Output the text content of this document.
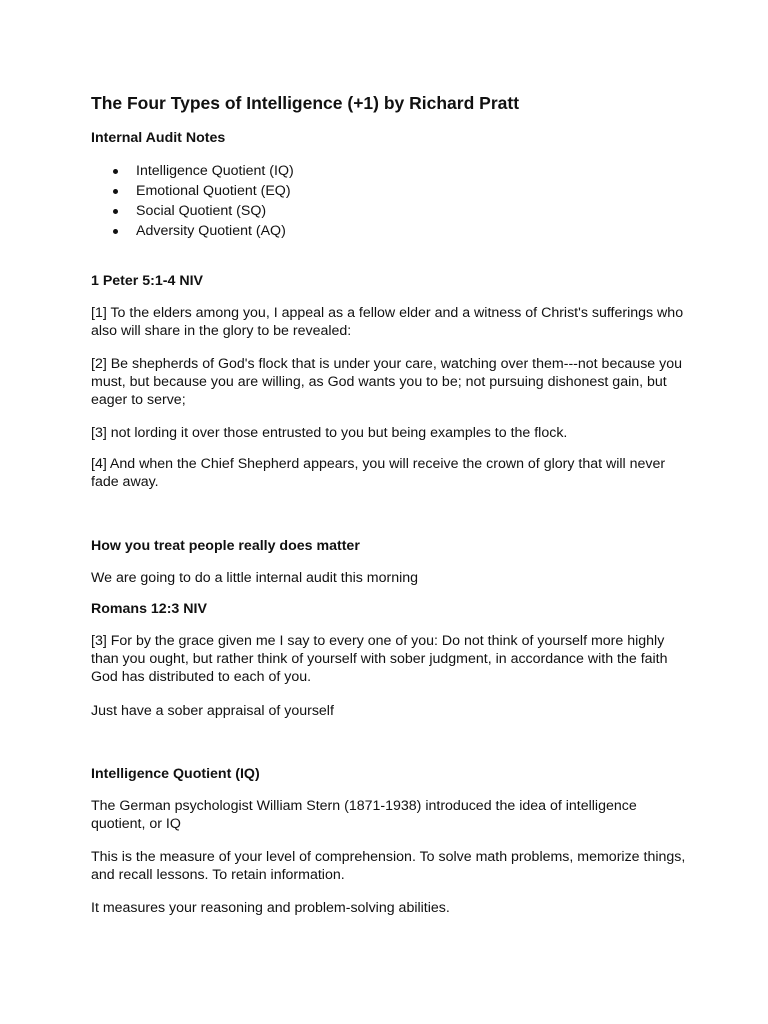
The Four Types of Intelligence (+1) by Richard Pratt

Internal Audit Notes

Intelligence Quotient (IQ)
Emotional Quotient (EQ)
Social Quotient (SQ)
Adversity Quotient (AQ)

1 Peter 5:1-4 NIV

[1] To the elders among you, I appeal as a fellow elder and a witness of Christ's sufferings who also will share in the glory to be revealed:

[2] Be shepherds of God's flock that is under your care, watching over them---not because you must, but because you are willing, as God wants you to be; not pursuing dishonest gain, but eager to serve;

[3] not lording it over those entrusted to you but being examples to the flock.

[4] And when the Chief Shepherd appears, you will receive the crown of glory that will never fade away.

How you treat people really does matter

We are going to do a little internal audit this morning

Romans 12:3 NIV

[3] For by the grace given me I say to every one of you: Do not think of yourself more highly than you ought, but rather think of yourself with sober judgment, in accordance with the faith God has distributed to each of you.

Just have a sober appraisal of yourself

Intelligence Quotient (IQ)

The German psychologist William Stern (1871-1938) introduced the idea of intelligence quotient, or IQ

This is the measure of your level of comprehension. To solve math problems, memorize things, and recall lessons. To retain information.

It measures your reasoning and problem-solving abilities.
